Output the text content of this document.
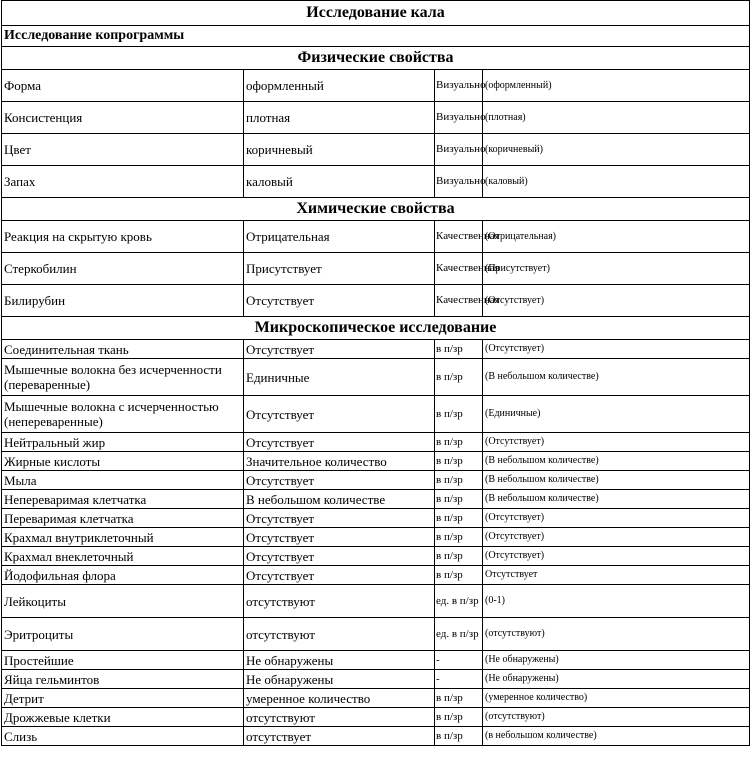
Исследование кала			
Исследование копрограммы			
Физические свойства			
Форма	оформленный	Визуально	(оформленный)
Консистенция	плотная	Визуально	(плотная)
Цвет	коричневый	Визуально	(коричневый)
Запах	каловый	Визуально	(каловый)
Химические свойства			
Реакция на скрытую кровь	Отрицательная	Качественная	(Отрицательная)
Стеркобилин	Присутствует	Качественная	(Присутствует)
Билирубин	Отсутствует	Качественная	(Отсутствует)
Микроскопическое исследование			
Соединительная ткань	Отсутствует	в п/зр	(Отсутствует)
Мышечные волокна без исчерченности (переваренные)	Единичные	в п/зр	(В небольшом количестве)
Мышечные волокна с исчерченностью (непереваренные)	Отсутствует	в п/зр	(Единичные)
Нейтральный жир	Отсутствует	в п/зр	(Отсутствует)
Жирные кислоты	Значительное количество	в п/зр	(В небольшом количестве)
Мыла	Отсутствует	в п/зр	(В небольшом количестве)
Непереваримая клетчатка	В небольшом количестве	в п/зр	(В небольшом количестве)
Переваримая клетчатка	Отсутствует	в п/зр	(Отсутствует)
Крахмал внутриклеточный	Отсутствует	в п/зр	(Отсутствует)
Крахмал внеклеточный	Отсутствует	в п/зр	(Отсутствует)
Йодофильная флора	Отсутствует	в п/зр	Отсутствует
Лейкоциты	отсутствуют	ед. в п/зр	(0-1)
Эритроциты	отсутствуют	ед. в п/зр	(отсутствуют)
Простейшие	Не обнаружены	-	(Не обнаружены)
Яйца гельминтов	Не обнаружены	-	(Не обнаружены)
Детрит	умеренное количество	в п/зр	(умеренное количество)
Дрожжевые клетки	отсутствуют	в п/зр	(отсутствуют)
Слизь	отсутствует	в п/зр	(в небольшом количестве)
